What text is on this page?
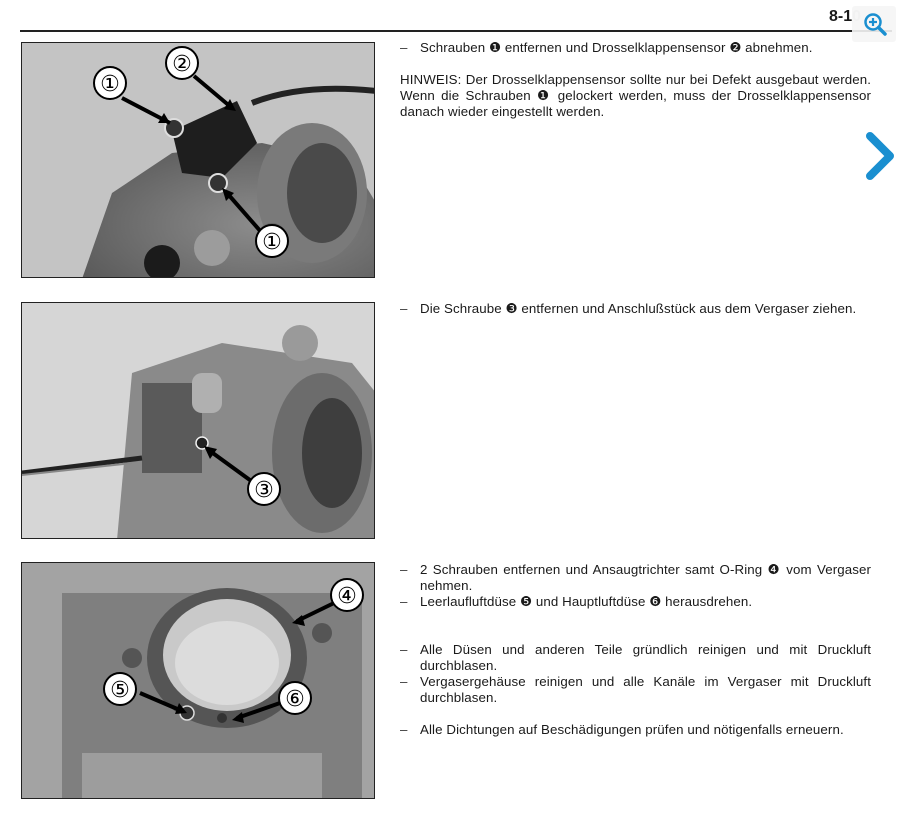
8-1
①
②
①
③
④
⑤	⑥
– Schrauben ❶ entfernen und Drosselklappensensor ❷ abnehmen.
HINWEIS: Der Drosselklappensensor sollte nur bei Defekt ausgebaut werden. Wenn die Schrauben ❶ gelockert werden, muss der Drosselklappensensor danach wieder eingestellt werden.
– Die Schraube ❸ entfernen und Anschlußstück aus dem Vergaser ziehen.
– 2 Schrauben entfernen und Ansaugtrichter samt O-Ring ❹ vom Vergaser nehmen.
– Leerlaufluftdüse ❺ und Hauptluftdüse ❻ herausdrehen.
– Alle Düsen und anderen Teile gründlich reinigen und mit Druckluft durchblasen.
– Vergasergehäuse reinigen und alle Kanäle im Vergaser mit Druckluft durchblasen.
– Alle Dichtungen auf Beschädigungen prüfen und nötigenfalls erneuern.
